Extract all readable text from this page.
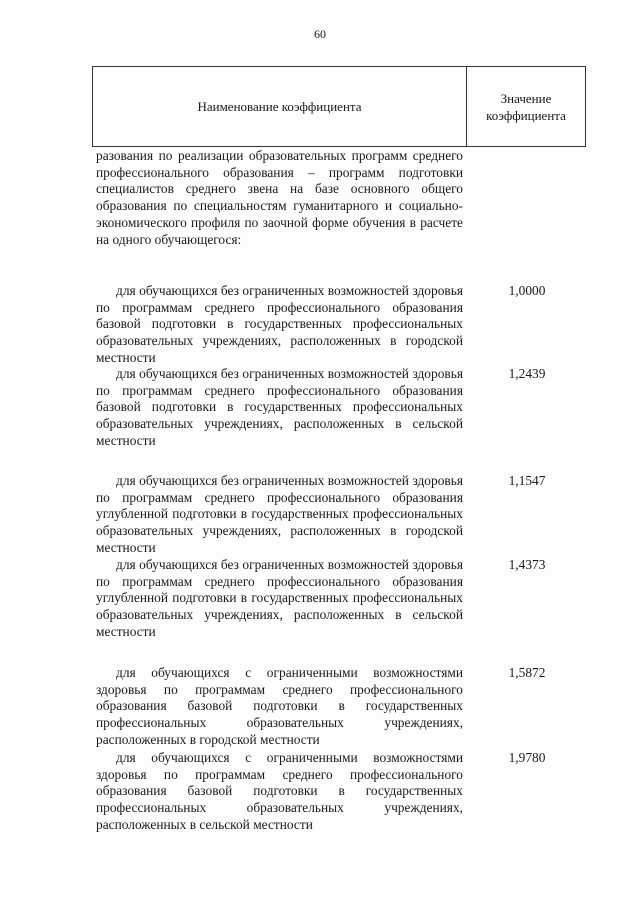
60
Наименование коэффициента
Значение коэффициента
разования по реализации образовательных программ среднего профессионального образования – программ подготовки специалистов среднего звена на базе основного общего образования по специальностям гуманитарного и социально-экономического профиля по заочной форме обучения в расчете на одного обучающегося:
для обучающихся без ограниченных возможностей здоровья по программам среднего профессионального образования базовой подготовки в государственных профессиональных образовательных учреждениях, расположенных в городской местности
1,0000
для обучающихся без ограниченных возможностей здоровья по программам среднего профессионального образования базовой подготовки в государственных профессиональных образовательных учреждениях, расположенных в сельской местности
1,2439
для обучающихся без ограниченных возможностей здоровья по программам среднего профессионального образования углубленной подготовки в государственных профессиональных образовательных учреждениях, расположенных в городской местности
1,1547
для обучающихся без ограниченных возможностей здоровья по программам среднего профессионального образования углубленной подготовки в государственных профессиональных образовательных учреждениях, расположенных в сельской местности
1,4373
для обучающихся с ограниченными возможностями здоровья по программам среднего профессионального образования базовой подготовки в государственных профессиональных образовательных учреждениях, расположенных в городской местности
1,5872
для обучающихся с ограниченными возможностями здоровья по программам среднего профессионального образования базовой подготовки в государственных профессиональных образовательных учреждениях, расположенных в сельской местности
1,9780
